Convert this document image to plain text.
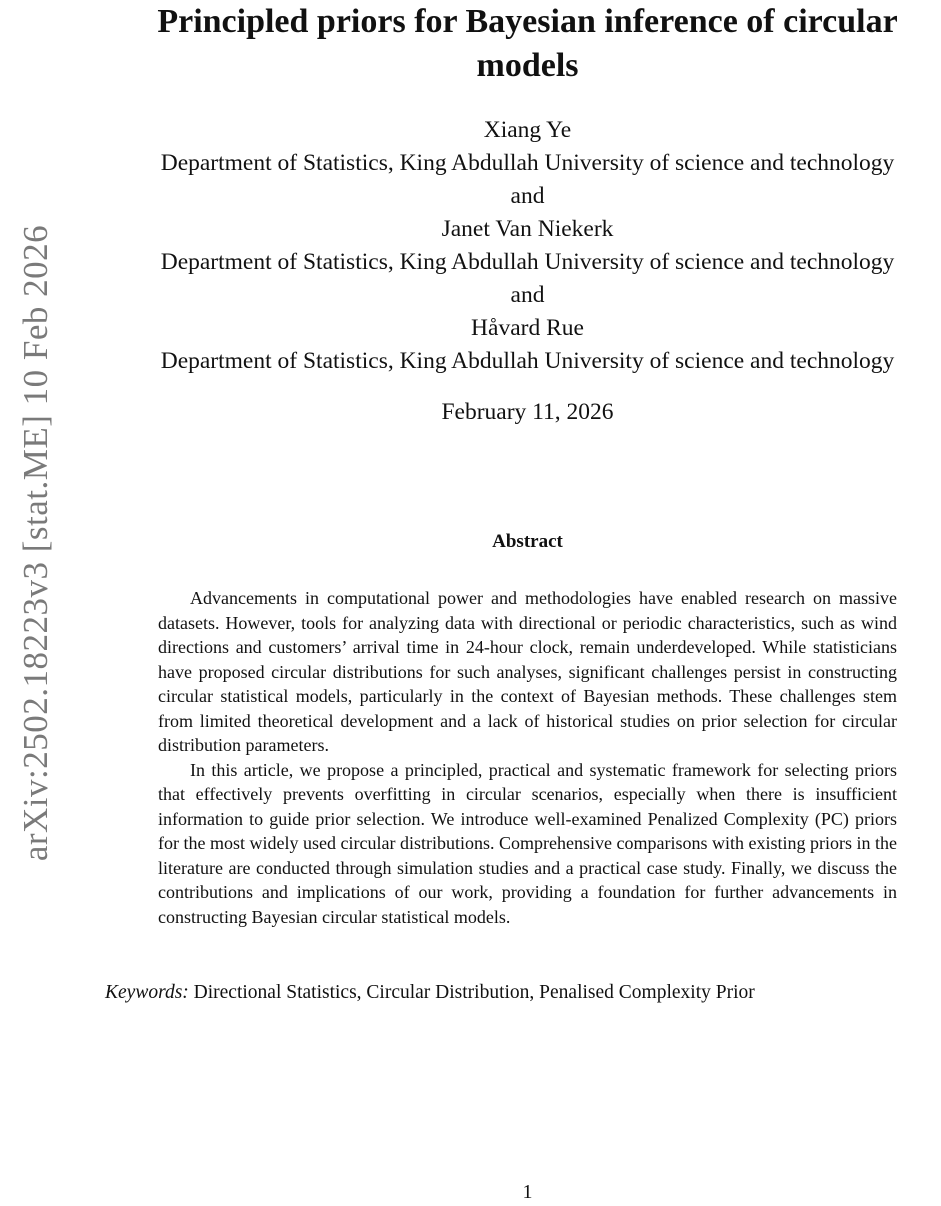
arXiv:2502.18223v3 [stat.ME] 10 Feb 2026
Principled priors for Bayesian inference of circular models
Xiang Ye
Department of Statistics, King Abdullah University of science and technology
and
Janet Van Niekerk
Department of Statistics, King Abdullah University of science and technology
and
Håvard Rue
Department of Statistics, King Abdullah University of science and technology
February 11, 2026
Abstract

Advancements in computational power and methodologies have enabled research on massive datasets. However, tools for analyzing data with directional or periodic characteristics, such as wind directions and customers’ arrival time in 24-hour clock, remain underdeveloped. While statisticians have proposed circular distributions for such analyses, significant challenges persist in constructing circular statistical models, particularly in the context of Bayesian methods. These challenges stem from limited theoretical development and a lack of historical studies on prior selection for circular distribution parameters.

In this article, we propose a principled, practical and systematic framework for selecting priors that effectively prevents overfitting in circular scenarios, especially when there is insufficient information to guide prior selection. We introduce well-examined Penalized Complexity (PC) priors for the most widely used circular distributions. Comprehensive comparisons with existing priors in the literature are conducted through simulation studies and a practical case study. Finally, we discuss the contributions and implications of our work, providing a foundation for further advancements in constructing Bayesian circular statistical models.

Keywords: Directional Statistics, Circular Distribution, Penalised Complexity Prior
1
